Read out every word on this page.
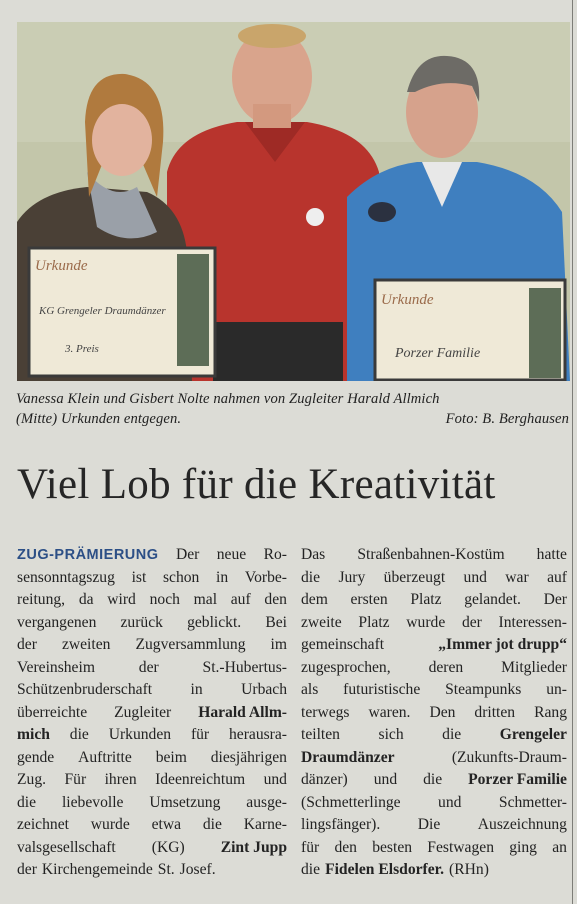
Urkunde
KG Grengeler Draumdänzer
3. Preis
Urkunde
Porzer Familie
Vanessa Klein und Gisbert Nolte nahmen von Zugleiter Harald Allmich
(Mitte) Urkunden entgegen.	Foto: B. Berghausen
Viel Lob für die Kreativität
ZUG-PRÄMIERUNG Der neue Ro-
sensonntagszug ist schon in Vorbe-
reitung, da wird noch mal auf den
vergangenen zurück geblickt. Bei
der zweiten Zugversammlung im
Vereinsheim	der	St.-Hubertus-
Schützenbruderschaft in Urbach
überreichte Zugleiter Harald Allm-
mich die Urkunden für herausra-
gende Auftritte beim diesjährigen
Zug. Für ihren Ideenreichtum und
die liebevolle Umsetzung ausge-
zeichnet wurde etwa die Karne-
valsgesellschaft (KG) Zint Jupp
der Kirchengemeinde St. Josef.
Das Straßenbahnen-Kostüm hatte
die Jury überzeugt und war auf
dem ersten Platz gelandet. Der
zweite Platz wurde der Interessen-
gemeinschaft	„Immer jot drupp“
zugesprochen, deren Mitglieder
als futuristische Steampunks un-
terwegs waren. Den dritten Rang
teilten sich die Grengeler
Draumdänzer	(Zukunfts-Draum-
dänzer) und die Porzer Familie
(Schmetterlinge und Schmetter-
lingsfänger). Die Auszeichnung
für den besten Festwagen ging an
die Fidelen Elsdorfer. (RHn)
